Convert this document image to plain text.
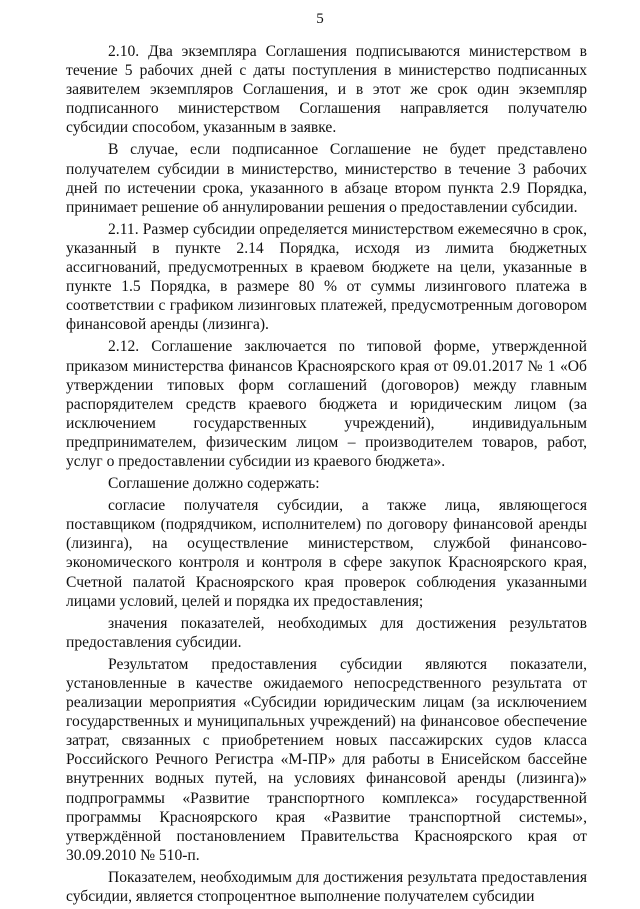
5

2.10. Два экземпляра Соглашения подписываются министерством в течение 5 рабочих дней с даты поступления в министерство подписанных заявителем экземпляров Соглашения, и в этот же срок один экземпляр подписанного министерством Соглашения направляется получателю субсидии способом, указанным в заявке.

В случае, если подписанное Соглашение не будет представлено получателем субсидии в министерство, министерство в течение 3 рабочих дней по истечении срока, указанного в абзаце втором пункта 2.9 Порядка, принимает решение об аннулировании решения о предоставлении субсидии.

2.11. Размер субсидии определяется министерством ежемесячно в срок, указанный в пункте 2.14 Порядка, исходя из лимита бюджетных ассигнований, предусмотренных в краевом бюджете на цели, указанные в пункте 1.5 Порядка, в размере 80 % от суммы лизингового платежа в соответствии с графиком лизинговых платежей, предусмотренным договором финансовой аренды (лизинга).

2.12. Соглашение заключается по типовой форме, утвержденной приказом министерства финансов Красноярского края от 09.01.2017 № 1 «Об утверждении типовых форм соглашений (договоров) между главным распорядителем средств краевого бюджета и юридическим лицом (за исключением государственных учреждений), индивидуальным предпринимателем, физическим лицом – производителем товаров, работ, услуг о предоставлении субсидии из краевого бюджета».

Соглашение должно содержать:

согласие получателя субсидии, а также лица, являющегося поставщиком (подрядчиком, исполнителем) по договору финансовой аренды (лизинга), на осуществление министерством, службой финансово-экономического контроля и контроля в сфере закупок Красноярского края, Счетной палатой Красноярского края проверок соблюдения указанными лицами условий, целей и порядка их предоставления;

значения показателей, необходимых для достижения результатов предоставления субсидии.

Результатом предоставления субсидии являются показатели, установленные в качестве ожидаемого непосредственного результата от реализации мероприятия «Субсидии юридическим лицам (за исключением государственных и муниципальных учреждений) на финансовое обеспечение затрат, связанных с приобретением новых пассажирских судов класса Российского Речного Регистра «М-ПР» для работы в Енисейском бассейне внутренних водных путей, на условиях финансовой аренды (лизинга)» подпрограммы «Развитие транспортного комплекса» государственной программы Красноярского края «Развитие транспортной системы», утверждённой постановлением Правительства Красноярского края от 30.09.2010 № 510-п.

Показателем, необходимым для достижения результата предоставления субсидии, является стопроцентное выполнение получателем субсидии
